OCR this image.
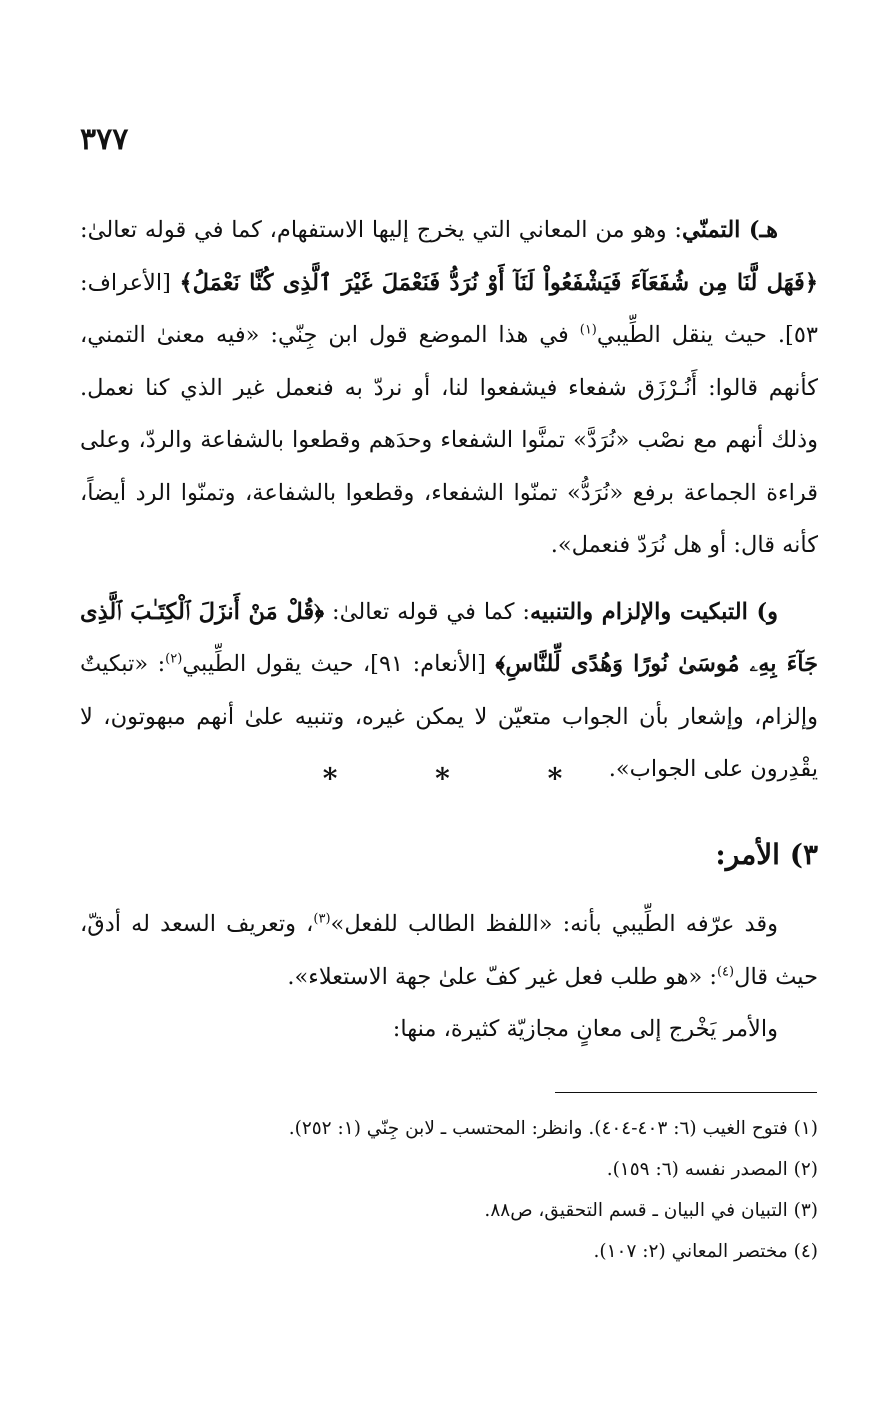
٣٧٧

هـ) التمنّي: وهو من المعاني التي يخرج إليها الاستفهام، كما في قوله تعالىٰ: ﴿فَهَل لَّنَا مِن شُفَعَآءَ فَيَشْفَعُواْ لَنَآ أَوْ نُرَدُّ فَنَعْمَلَ غَيْرَ ٱلَّذِى كُنَّا نَعْمَلُ﴾ [الأعراف: ٥٣]. حيث ينقل الطِّيبي$^{(١)}$ في هذا الموضع قول ابن جِنّي: «فيه معنىٰ التمني، كأنهم قالوا: أَنُـرْزَق شفعاء فيشفعوا لنا، أو نردّ به فنعمل غير الذي كنا نعمل. وذلك أنهم مع نصْب «نُرَدَّ» تمنَّوا الشفعاء وحدَهم وقطعوا بالشفاعة والردّ، وعلى قراءة الجماعة برفع «نُرَدُّ» تمنّوا الشفعاء، وقطعوا بالشفاعة، وتمنّوا الرد أيضاً، كأنه قال: أو هل نُرَدّ فنعمل».

و) التبكيت والإلزام والتنبيه: كما في قوله تعالىٰ: ﴿قُلْ مَنْ أَنزَلَ ٱلْكِتَـٰبَ ٱلَّذِى جَآءَ بِهِۦ مُوسَىٰ نُورًا وَهُدًى لِّلنَّاسِ﴾ [الأنعام: ٩١]، حيث يقول الطِّيبي$^{(٢)}$: «تبكيتٌ وإلزام، وإشعار بأن الجواب متعيّن لا يمكن غيره، وتنبيه علىٰ أنهم مبهوتون، لا يقْدِرون على الجواب».

* * *
٣) الأمر:

وقد عرّفه الطِّيبي بأنه: «اللفظ الطالب للفعل»$^{(٣)}$، وتعريف السعد له أدقّ، حيث قال$^{(٤)}$: «هو طلب فعل غير كفّ علىٰ جهة الاستعلاء».

والأمر يَخْرج إلى معانٍ مجازيّة كثيرة، منها:

(١) فتوح الغيب (٦: ٤٠٣-٤٠٤). وانظر: المحتسب ـ لابن جِنّي (١: ٢٥٢).

(٢) المصدر نفسه (٦: ١٥٩).

(٣) التبيان في البيان ـ قسم التحقيق، ص٨٨.

(٤) مختصر المعاني (٢: ١٠٧).
